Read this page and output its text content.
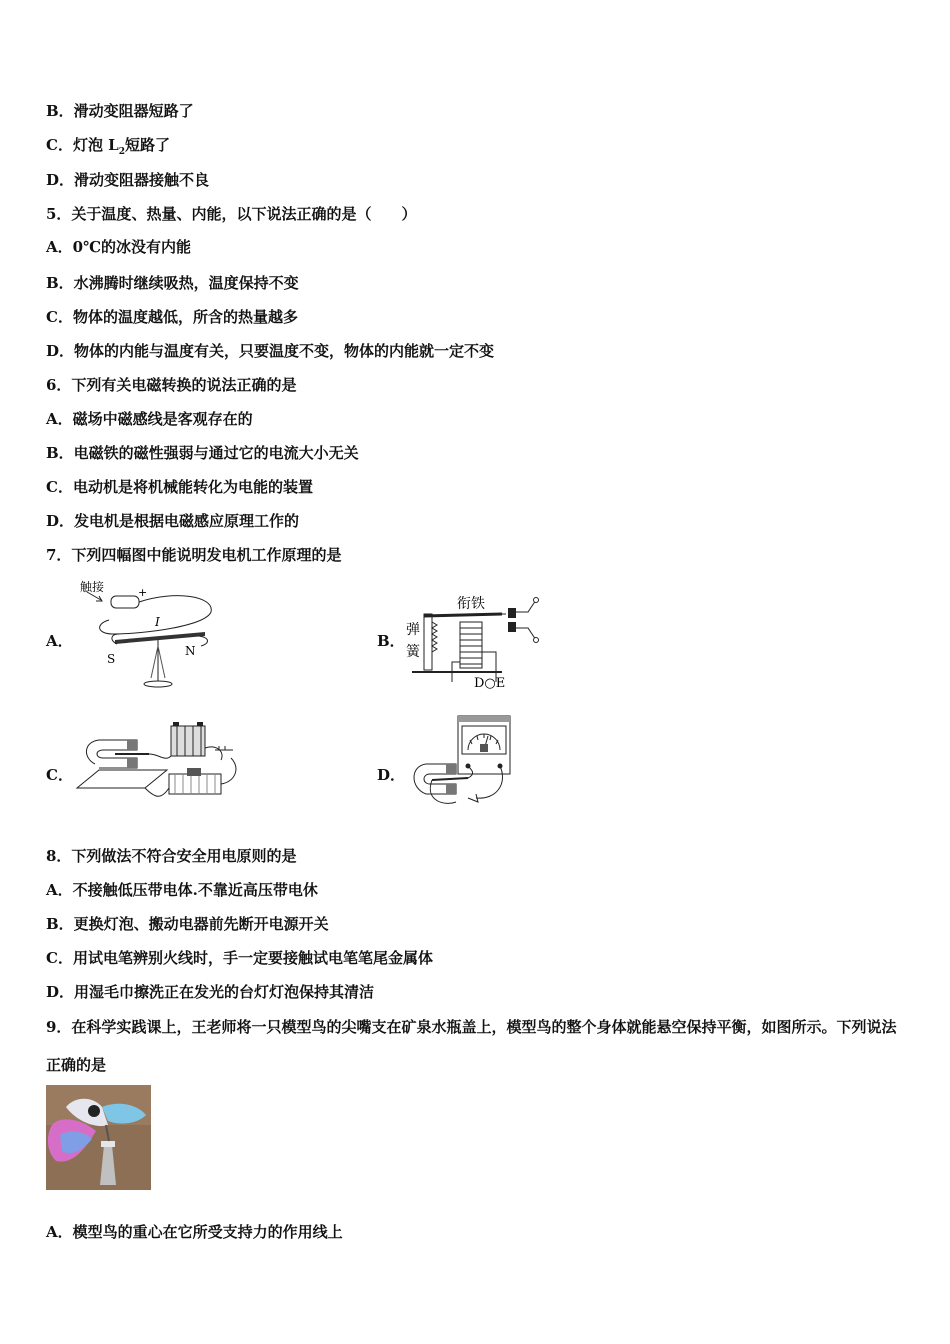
B．滑动变阻器短路了
C．灯泡 $L_2$短路了
D．滑动变阻器接触不良
5．关于温度、热量、内能，以下说法正确的是（　　）
A．0℃的冰没有内能
B．水沸腾时继续吸热，温度保持不变
C．物体的温度越低，所含的热量越多
D．物体的内能与温度有关，只要温度不变，物体的内能就一定不变
6．下列有关电磁转换的说法正确的是
A．磁场中磁感线是客观存在的
B．电磁铁的磁性强弱与通过它的电流大小无关
C．电动机是将机械能转化为电能的装置
D．发电机是根据电磁感应原理工作的
7．下列四幅图中能说明发电机工作原理的是
A．
触接	+
I
S
N
B．
衔铁
弹
簧
D○E
C．	D．
8．下列做法不符合安全用电原则的是
A．不接触低压带电体.不靠近高压带电休
B．更换灯泡、搬动电器前先断开电源开关
C．用试电笔辨别火线时，手一定要接触试电笔笔尾金属体
D．用湿毛巾擦洗正在发光的台灯灯泡保持其清洁
9．在科学实践课上，王老师将一只模型鸟的尖嘴支在矿泉水瓶盖上，模型鸟的整个身体就能悬空保持平衡，如图所示。下列说法正确的是
A．模型鸟的重心在它所受支持力的作用线上
